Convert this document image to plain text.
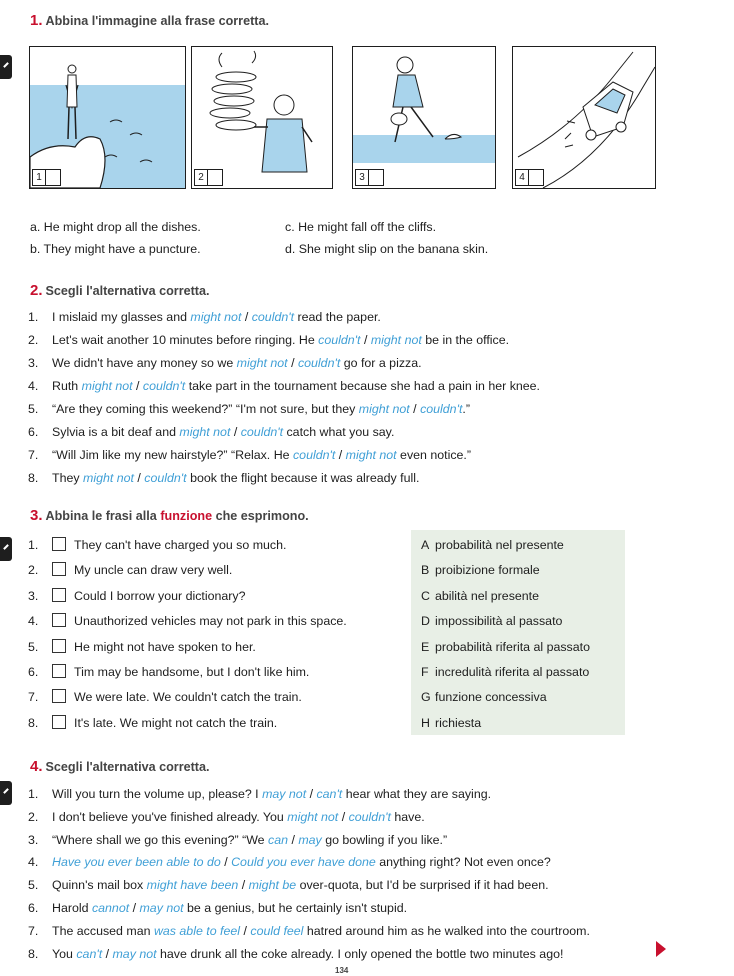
1. Abbina l'immagine alla frase corretta.
1	2	3	4
a. He might drop all the dishes.	c. He might fall off the cliffs.
b. They might have a puncture.	d. She might slip on the banana skin.
2. Scegli l'alternativa corretta.
1. I mislaid my glasses and might not / couldn't read the paper.
2. Let's wait another 10 minutes before ringing. He couldn't / might not be in the office.
3. We didn't have any money so we might not / couldn't go for a pizza.
4. Ruth might not / couldn't take part in the tournament because she had a pain in her knee.
5. “Are they coming this weekend?” “I'm not sure, but they might not / couldn't.”
6. Sylvia is a bit deaf and might not / couldn't catch what you say.
7. “Will Jim like my new hairstyle?” “Relax. He couldn't / might not even notice.”
8. They might not / couldn't book the flight because it was already full.
3. Abbina le frasi alla funzione che esprimono.
1.	They can't have charged you so much.
2.	My uncle can draw very well.
3.	Could I borrow your dictionary?
4.	Unauthorized vehicles may not park in this space.
5.	He might not have spoken to her.
6.	Tim may be handsome, but I don't like him.
7.	We were late. We couldn't catch the train.
8.	It's late. We might not catch the train.
A probabilità nel presente
B proibizione formale
C abilità nel presente
D impossibilità al passato
E probabilità riferita al passato
F incredulità riferita al passato
G funzione concessiva
H richiesta
4. Scegli l'alternativa corretta.
1. Will you turn the volume up, please? I may not / can't hear what they are saying.
2. I don't believe you've finished already. You might not / couldn't have.
3. “Where shall we go this evening?” “We can / may go bowling if you like.”
4. Have you ever been able to do / Could you ever have done anything right? Not even once?
5. Quinn's mail box might have been / might be over-quota, but I'd be surprised if it had been.
6. Harold cannot / may not be a genius, but he certainly isn't stupid.
7. The accused man was able to feel / could feel hatred around him as he walked into the courtroom.
8. You can't / may not have drunk all the coke already. I only opened the bottle two minutes ago!
134
